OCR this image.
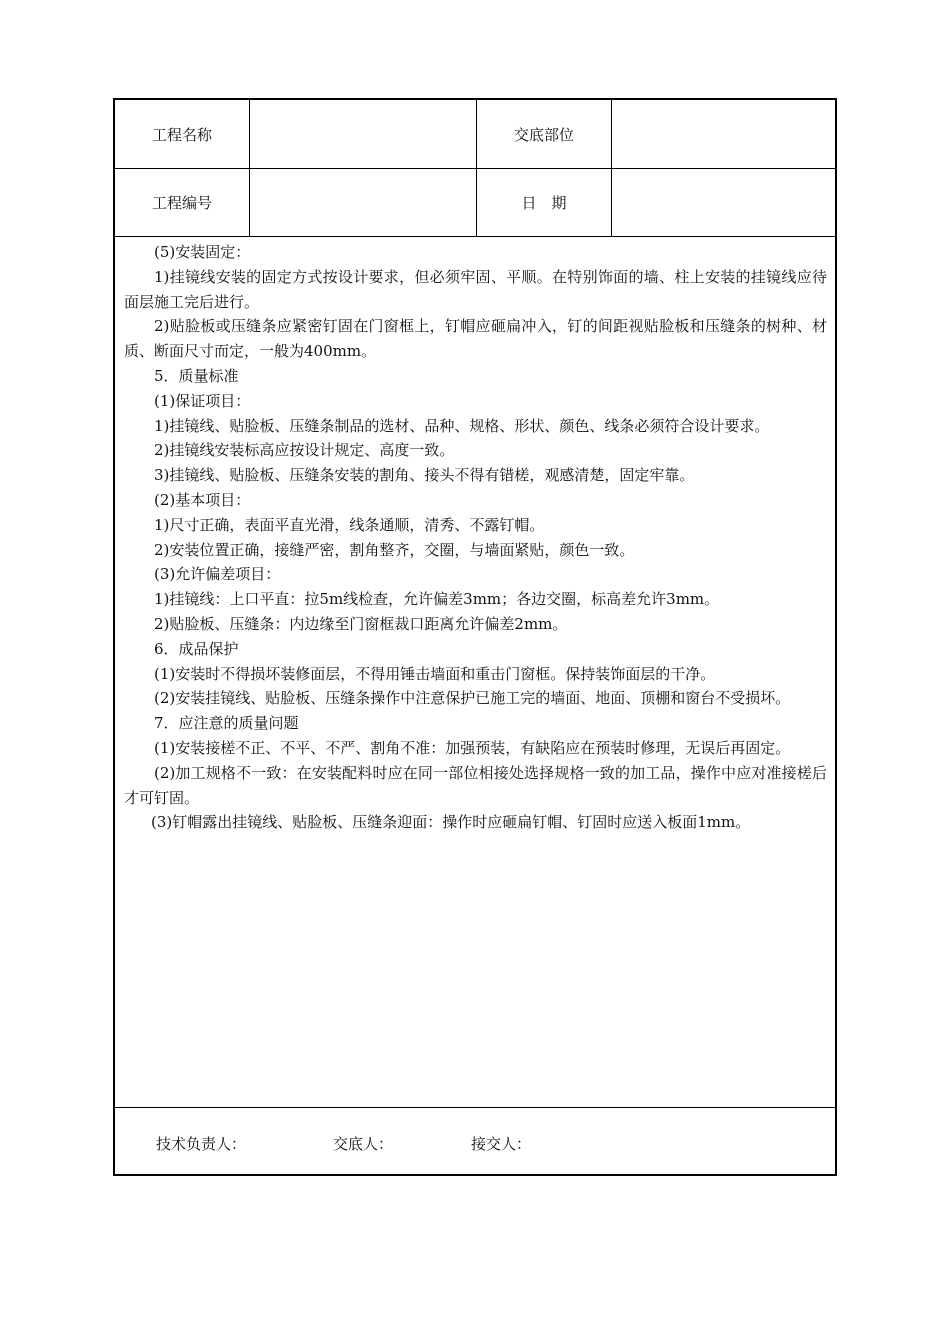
工程名称	交底部位
工程编号	日　期

(5)安装固定：

1)挂镜线安装的固定方式按设计要求，但必须牢固、平顺。在特别饰面的墙、柱上安装的挂镜线应待面层施工完后进行。

2)贴脸板或压缝条应紧密钉固在门窗框上，钉帽应砸扁冲入，钉的间距视贴脸板和压缝条的树种、材质、断面尺寸而定，一般为400mm。

5．质量标准

(1)保证项目：

1)挂镜线、贴脸板、压缝条制品的选材、品种、规格、形状、颜色、线条必须符合设计要求。

2)挂镜线安装标高应按设计规定、高度一致。

3)挂镜线、贴脸板、压缝条安装的割角、接头不得有错槎，观感清楚，固定牢靠。

(2)基本项目：

1)尺寸正确，表面平直光滑，线条通顺，清秀、不露钉帽。

2)安装位置正确，接缝严密，割角整齐，交圈，与墙面紧贴，颜色一致。

(3)允许偏差项目：

1)挂镜线：上口平直：拉5m线检查，允许偏差3mm；各边交圈，标高差允许3mm。

2)贴脸板、压缝条：内边缘至门窗框裁口距离允许偏差2mm。

6．成品保护

(1)安装时不得损坏装修面层，不得用锤击墙面和重击门窗框。保持装饰面层的干净。

(2)安装挂镜线、贴脸板、压缝条操作中注意保护已施工完的墙面、地面、顶棚和窗台不受损坏。

7．应注意的质量问题

(1)安装接槎不正、不平、不严、割角不准：加强预装，有缺陷应在预装时修理，无误后再固定。

(2)加工规格不一致：在安装配料时应在同一部位相接处选择规格一致的加工品，操作中应对准接槎后才可钉固。

(3)钉帽露出挂镜线、贴脸板、压缝条迎面：操作时应砸扁钉帽、钉固时应送入板面1mm。

技术负责人：	交底人：	接交人：
